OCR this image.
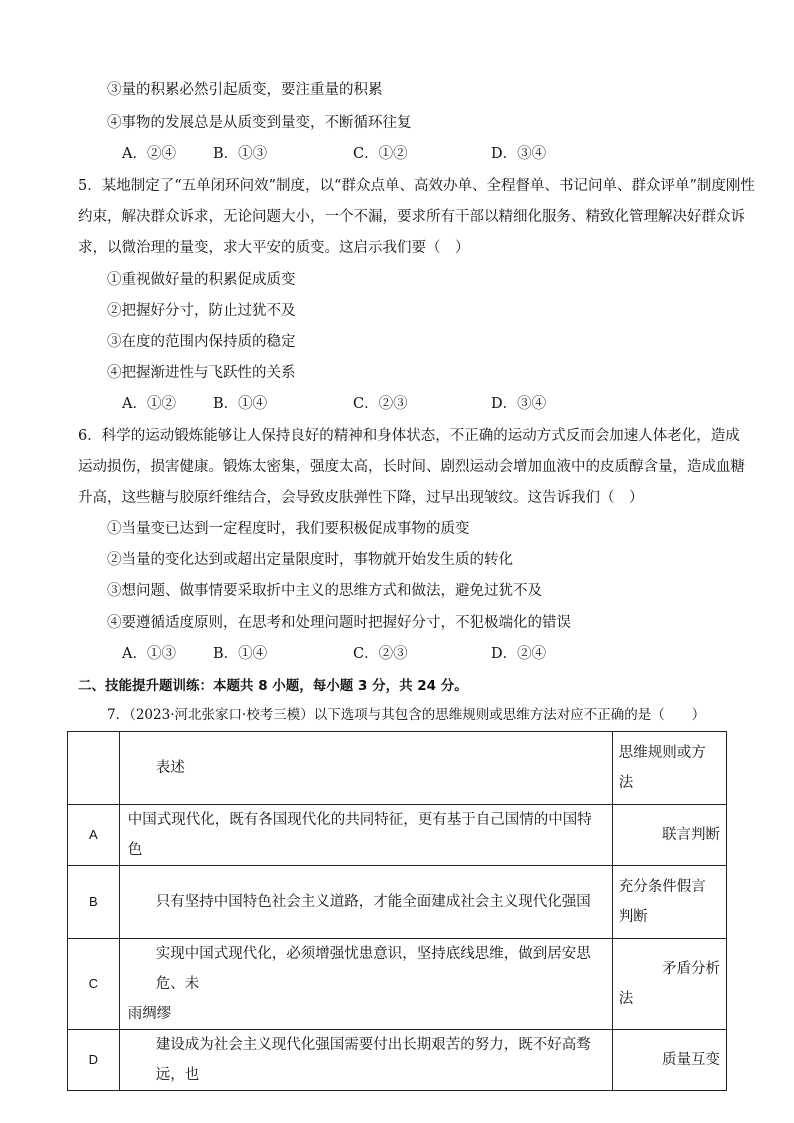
③量的积累必然引起质变，要注重量的积累
④事物的发展总是从质变到量变，不断循环往复
A．②④	B．①③	C．①②	D．③④
5．某地制定了“五单闭环问效”制度，以“群众点单、高效办单、全程督单、书记问单、群众评单”制度刚性
约束，解决群众诉求，无论问题大小，一个不漏，要求所有干部以精细化服务、精致化管理解决好群众诉
求，以微治理的量变，求大平安的质变。这启示我们要（　）
①重视做好量的积累促成质变
②把握好分寸，防止过犹不及
③在度的范围内保持质的稳定
④把握渐进性与飞跃性的关系
A．①②	B．①④	C．②③	D．③④
6．科学的运动锻炼能够让人保持良好的精神和身体状态，不正确的运动方式反而会加速人体老化，造成
运动损伤，损害健康。锻炼太密集，强度太高，长时间、剧烈运动会增加血液中的皮质醇含量，造成血糖
升高，这些糖与胶原纤维结合，会导致皮肤弹性下降，过早出现皱纹。这告诉我们（　）
①当量变已达到一定程度时，我们要积极促成事物的质变
②当量的变化达到或超出定量限度时，事物就开始发生质的转化
③想问题、做事情要采取折中主义的思维方式和做法，避免过犹不及
④要遵循适度原则，在思考和处理问题时把握好分寸，不犯极端化的错误
A．①③	B．①④	C．②③	D．②④
二、技能提升题训练：本题共 8 小题，每小题 3 分，共 24 分。
7．（2023·河北张家口·校考三模）以下选项与其包含的思维规则或思维方法对应不正确的是（　　）

	表述	思维规则或方
法

A	中国式现代化，既有各国现代化的共同特征，更有基于自己国情的中国特色	联言判断

B	只有坚持中国特色社会主义道路，才能全面建成社会主义现代化强国	充分条件假言
判断

C	实现中国式现代化，必须增强忧患意识，坚持底线思维，做到居安思危、未
雨绸缪	矛盾分析
法

D	建设成为社会主义现代化强国需要付出长期艰苦的努力，既不好高骛远，也	质量互变
